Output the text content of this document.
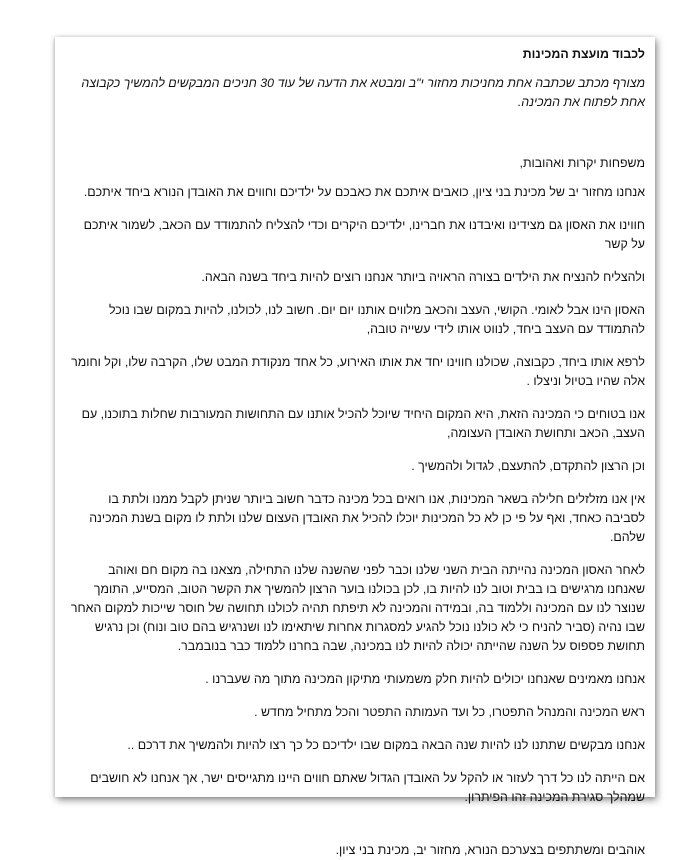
לכבוד מועצת המכינות
מצורף מכתב שכתבה אחת מחניכות מחזור י"ב ומבטא את הדעה של עוד 30 חניכים המבקשים להמשיך כקבוצה אחת לפתוח את המכינה.

משפחות יקרות ואהובות,

אנחנו מחזור יב של מכינת בני ציון, כואבים איתכם את כאבכם על ילדיכם וחווים את האובדן הנורא ביחד איתכם.

חווינו את האסון גם מצידינו ואיבדנו את חברינו, ילדיכם היקרים וכדי להצליח להתמודד עם הכאב, לשמור איתכם על קשר

ולהצליח להנציח את הילדים בצורה הראויה ביותר אנחנו רוצים להיות ביחד בשנה הבאה.

האסון הינו אבל לאומי. הקושי, העצב והכאב מלווים אותנו יום יום. חשוב לנו, לכולנו, להיות במקום שבו נוכל להתמודד עם העצב ביחד, לנווט אותו לידי עשייה טובה,

לרפא אותו ביחד, כקבוצה, שכולנו חווינו יחד את אותו האירוע, כל אחד מנקודת המבט שלו, הקרבה שלו, וקל וחומר אלה שהיו בטיול וניצלו .

אנו בטוחים כי המכינה הזאת, היא המקום היחיד שיוכל להכיל אותנו עם התחושות המעורבות שחלות בתוכנו, עם העצב, הכאב ותחושת האובדן העצומה,

וכן הרצון להתקדם, להתעצם, לגדול ולהמשיך .

אין אנו מזלזלים חלילה בשאר המכינות, אנו רואים בכל מכינה כדבר חשוב ביותר שניתן לקבל ממנו ולתת בו לסביבה כאחד, ואף על פי כן לא כל המכינות יוכלו להכיל את האובדן העצום שלנו ולתת לו מקום בשנת המכינה שלהם.

לאחר האסון המכינה נהייתה הבית השני שלנו וכבר לפני שהשנה שלנו התחילה, מצאנו בה מקום חם ואוהב שאנחנו מרגישים בו בבית וטוב לנו להיות בו, לכן בכולנו בוער הרצון להמשיך את הקשר הטוב, המסייע, התומך שנוצר לנו עם המכינה וללמוד בה, ובמידה והמכינה לא תיפתח תהיה לכולנו תחושה של חוסר שייכות למקום האחר שבו נהיה (סביר להניח כי לא כולנו נוכל להגיע למסגרות אחרות שיתאימו לנו ושנרגיש בהם טוב ונוח) וכן נרגיש תחושת פספוס על השנה שהייתה יכולה להיות לנו במכינה, שבה בחרנו ללמוד כבר בנובמבר.

אנחנו מאמינים שאנחנו יכולים להיות חלק משמעותי מתיקון המכינה מתוך מה שעברנו .

ראש המכינה והמנהל התפטרו, כל ועד העמותה התפטר והכל מתחיל מחדש .

אנחנו מבקשים שתתנו לנו להיות שנה הבאה במקום שבו ילדיכם כל כך רצו להיות ולהמשיך את דרכם ..

אם הייתה לנו כל דרך לעזור או להקל על האובדן הגדול שאתם חווים היינו מתגייסים ישר, אך אנחנו לא חושבים שמהלך סגירת המכינה זהו הפיתרון.

אוהבים ומשתתפים בצערכם הנורא, מחזור יב, מכינת בני ציון.
